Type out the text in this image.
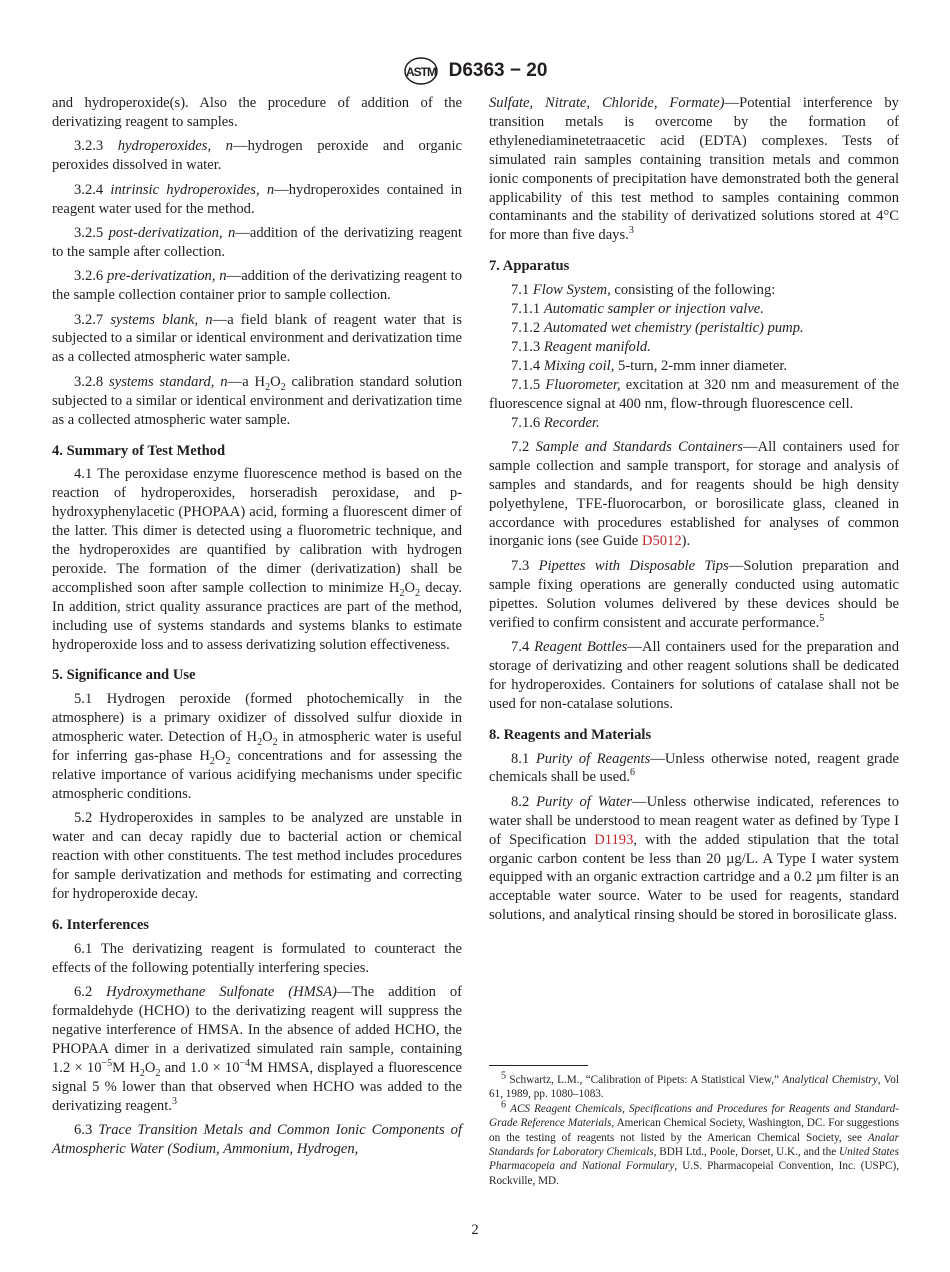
ASTM D6363 − 20

and hydroperoxide(s). Also the procedure of addition of the derivatizing reagent to samples.

3.2.3 hydroperoxides, n—hydrogen peroxide and organic peroxides dissolved in water.

3.2.4 intrinsic hydroperoxides, n—hydroperoxides contained in reagent water used for the method.

3.2.5 post-derivatization, n—addition of the derivatizing reagent to the sample after collection.

3.2.6 pre-derivatization, n—addition of the derivatizing reagent to the sample collection container prior to sample collection.

3.2.7 systems blank, n—a field blank of reagent water that is subjected to a similar or identical environment and derivatization time as a collected atmospheric water sample.

3.2.8 systems standard, n—a $H_2O_2$ calibration standard solution subjected to a similar or identical environment and derivatization time as a collected atmospheric water sample.

4. Summary of Test Method

4.1 The peroxidase enzyme fluorescence method is based on the reaction of hydroperoxides, horseradish peroxidase, and p-hydroxyphenylacetic (PHOPAA) acid, forming a fluorescent dimer of the latter. This dimer is detected using a fluorometric technique, and the hydroperoxides are quantified by calibration with hydrogen peroxide. The formation of the dimer (derivatization) shall be accomplished soon after sample collection to minimize $H_2O_2$ decay. In addition, strict quality assurance practices are part of the method, including use of systems standards and systems blanks to estimate hydroperoxide loss and to assess derivatizing solution effectiveness.

5. Significance and Use

5.1 Hydrogen peroxide (formed photochemically in the atmosphere) is a primary oxidizer of dissolved sulfur dioxide in atmospheric water. Detection of $H_2O_2$ in atmospheric water is useful for inferring gas-phase $H_2O_2$ concentrations and for assessing the relative importance of various acidifying mechanisms under specific atmospheric conditions.

5.2 Hydroperoxides in samples to be analyzed are unstable in water and can decay rapidly due to bacterial action or chemical reaction with other constituents. The test method includes procedures for sample derivatization and methods for estimating and correcting for hydroperoxide decay.

6. Interferences

6.1 The derivatizing reagent is formulated to counteract the effects of the following potentially interfering species.

6.2 Hydroxymethane Sulfonate (HMSA)—The addition of formaldehyde (HCHO) to the derivatizing reagent will suppress the negative interference of HMSA. In the absence of added HCHO, the PHOPAA dimer in a derivatized simulated rain sample, containing $1.2 \times 10^{-5}M$ $H_2O_2$ and $1.0 \times 10^{-4}M$ HMSA, displayed a fluorescence signal 5 % lower than that observed when HCHO was added to the derivatizing reagent.$^3$

6.3 Trace Transition Metals and Common Ionic Components of Atmospheric Water (Sodium, Ammonium, Hydrogen,

Sulfate, Nitrate, Chloride, Formate)—Potential interference by transition metals is overcome by the formation of ethylenediaminetetraacetic acid (EDTA) complexes. Tests of simulated rain samples containing transition metals and common ionic components of precipitation have demonstrated both the general applicability of this test method to samples containing common contaminants and the stability of derivatized solutions stored at 4°C for more than five days.$^3$

7. Apparatus

7.1 Flow System, consisting of the following:

7.1.1 Automatic sampler or injection valve.

7.1.2 Automated wet chemistry (peristaltic) pump.

7.1.3 Reagent manifold.

7.1.4 Mixing coil, 5-turn, 2-mm inner diameter.

7.1.5 Fluorometer, excitation at 320 nm and measurement of the fluorescence signal at 400 nm, flow-through fluorescence cell.

7.1.6 Recorder.

7.2 Sample and Standards Containers—All containers used for sample collection and sample transport, for storage and analysis of samples and standards, and for reagents should be high density polyethylene, TFE-fluorocarbon, or borosilicate glass, cleaned in accordance with procedures established for analyses of common inorganic ions (see Guide D5012).

7.3 Pipettes with Disposable Tips—Solution preparation and sample fixing operations are generally conducted using automatic pipettes. Solution volumes delivered by these devices should be verified to confirm consistent and accurate performance.$^5$

7.4 Reagent Bottles—All containers used for the preparation and storage of derivatizing and other reagent solutions shall be dedicated for hydroperoxides. Containers for solutions of catalase shall not be used for non-catalase solutions.

8. Reagents and Materials

8.1 Purity of Reagents—Unless otherwise noted, reagent grade chemicals shall be used.$^6$

8.2 Purity of Water—Unless otherwise indicated, references to water shall be understood to mean reagent water as defined by Type I of Specification D1193, with the added stipulation that the total organic carbon content be less than 20 µg/L. A Type I water system equipped with an organic extraction cartridge and a 0.2 µm filter is an acceptable water source. Water to be used for reagents, standard solutions, and analytical rinsing should be stored in borosilicate glass.

$^5$ Schwartz, L.M., “Calibration of Pipets: A Statistical View,” Analytical Chemistry, Vol 61, 1989, pp. 1080–1083.

$^6$ ACS Reagent Chemicals, Specifications and Procedures for Reagents and Standard-Grade Reference Materials, American Chemical Society, Washington, DC. For suggestions on the testing of reagents not listed by the American Chemical Society, see Analar Standards for Laboratory Chemicals, BDH Ltd., Poole, Dorset, U.K., and the United States Pharmacopeia and National Formulary, U.S. Pharmacopeial Convention, Inc. (USPC), Rockville, MD.

2
